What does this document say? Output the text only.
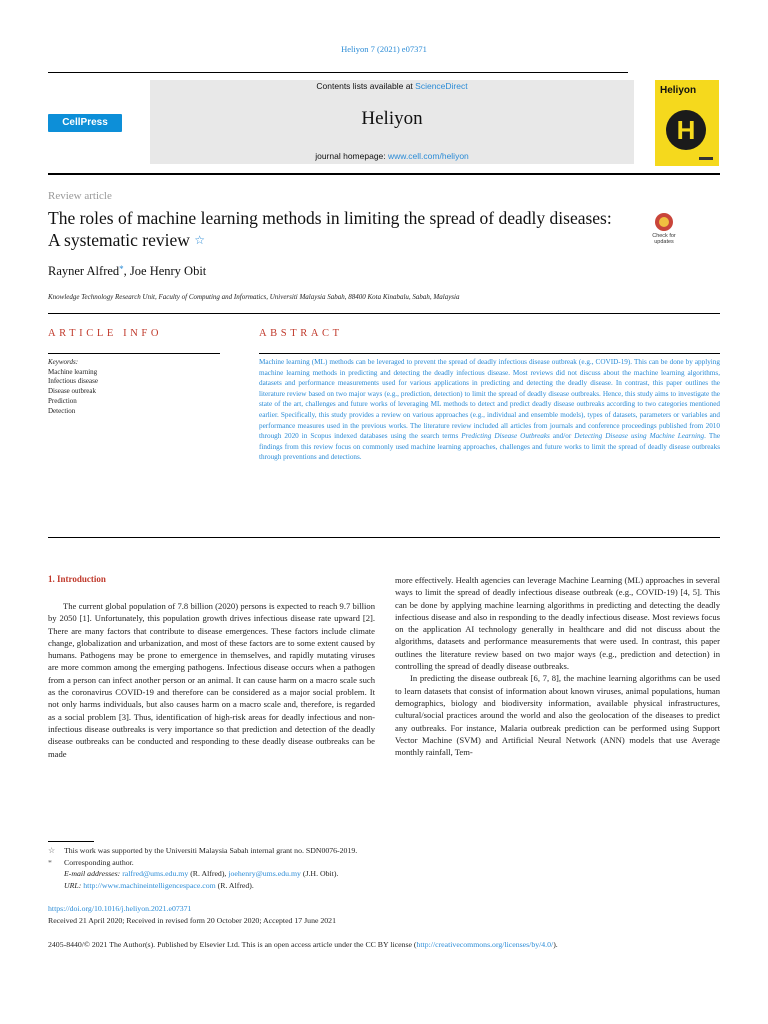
Heliyon 7 (2021) e07371
CellPress
Contents lists available at ScienceDirect
Heliyon
journal homepage: www.cell.com/heliyon
Heliyon
H
Review article
The roles of machine learning methods in limiting the spread of deadly diseases: A systematic review ☆	Check for updates
Rayner Alfred*, Joe Henry Obit
Knowledge Technology Research Unit, Faculty of Computing and Informatics, Universiti Malaysia Sabah, 88400 Kota Kinabalu, Sabah, Malaysia
ARTICLE INFO	ABSTRACT
Keywords:
Machine learning
Infectious disease
Disease outbreak
Prediction
Detection
Machine learning (ML) methods can be leveraged to prevent the spread of deadly infectious disease outbreak (e.g., COVID-19). This can be done by applying machine learning methods in predicting and detecting the deadly infectious disease. Most reviews did not discuss about the machine learning algorithms, datasets and performance measurements used for various applications in predicting and detecting the deadly disease. In contrast, this paper outlines the literature review based on two major ways (e.g., prediction, detection) to limit the spread of deadly disease outbreaks. Hence, this study aims to investigate the state of the art, challenges and future works of leveraging ML methods to detect and predict deadly disease outbreaks according to two categories mentioned earlier. Specifically, this study provides a review on various approaches (e.g., individual and ensemble models), types of datasets, parameters or variables and performance measures used in the previous works. The literature review included all articles from journals and conference proceedings published from 2010 through 2020 in Scopus indexed databases using the search terms Predicting Disease Outbreaks and/or Detecting Disease using Machine Learning. The findings from this review focus on commonly used machine learning approaches, challenges and future works to limit the spread of deadly disease outbreaks through preventions and detections.
1. Introduction

The current global population of 7.8 billion (2020) persons is expected to reach 9.7 billion by 2050 [1]. Unfortunately, this population growth drives infectious disease rate upward [2]. There are many factors that contribute to disease emergences. These factors include climate change, globalization and urbanization, and most of these factors are to some extent caused by humans. Pathogens may be prone to emergence in themselves, and rapidly mutating viruses are more common among the emerging pathogens. Infectious disease occurs when a pathogen from a person can infect another person or an animal. It can cause harm on a macro scale such as the coronavirus COVID-19 and therefore can be considered as a major social problem. It not only harms individuals, but also causes harm on a macro scale and, therefore, is regarded as a social problem [3]. Thus, identification of high-risk areas for deadly infectious and non-infectious disease outbreaks is very importance so that prediction and detection of the deadly disease outbreaks can be conducted and responding to these deadly disease outbreaks can be made

more effectively. Health agencies can leverage Machine Learning (ML) approaches in several ways to limit the spread of deadly infectious disease outbreak (e.g., COVID-19) [4, 5]. This can be done by applying machine learning algorithms in predicting and detecting the deadly infectious disease and also in responding to the deadly infectious disease. Most reviews focus on the application AI technology generally in healthcare and did not discuss about the algorithms, datasets and performance measurements that were used. In contrast, this paper outlines the literature review based on two major ways (e.g., prediction and detection) in controlling the spread of deadly disease outbreaks.

In predicting the disease outbreak [6, 7, 8], the machine learning algorithms can be used to learn datasets that consist of information about known viruses, animal populations, human demographics, biology and biodiversity information, available physical infrastructures, cultural/social practices around the world and also the geolocation of the diseases to predict any outbreaks. For instance, Malaria outbreak prediction can be performed using Support Vector Machine (SVM) and Artificial Neural Network (ANN) models that use Average monthly rainfall, Tem-

☆ This work was supported by the Universiti Malaysia Sabah internal grant no. SDN0076-2019.
* Corresponding author.
E-mail addresses: ralfred@ums.edu.my (R. Alfred), joehenry@ums.edu.my (J.H. Obit).
URL: http://www.machineintelligencespace.com (R. Alfred).
https://doi.org/10.1016/j.heliyon.2021.e07371
Received 21 April 2020; Received in revised form 20 October 2020; Accepted 17 June 2021
2405-8440/© 2021 The Author(s). Published by Elsevier Ltd. This is an open access article under the CC BY license (http://creativecommons.org/licenses/by/4.0/).
